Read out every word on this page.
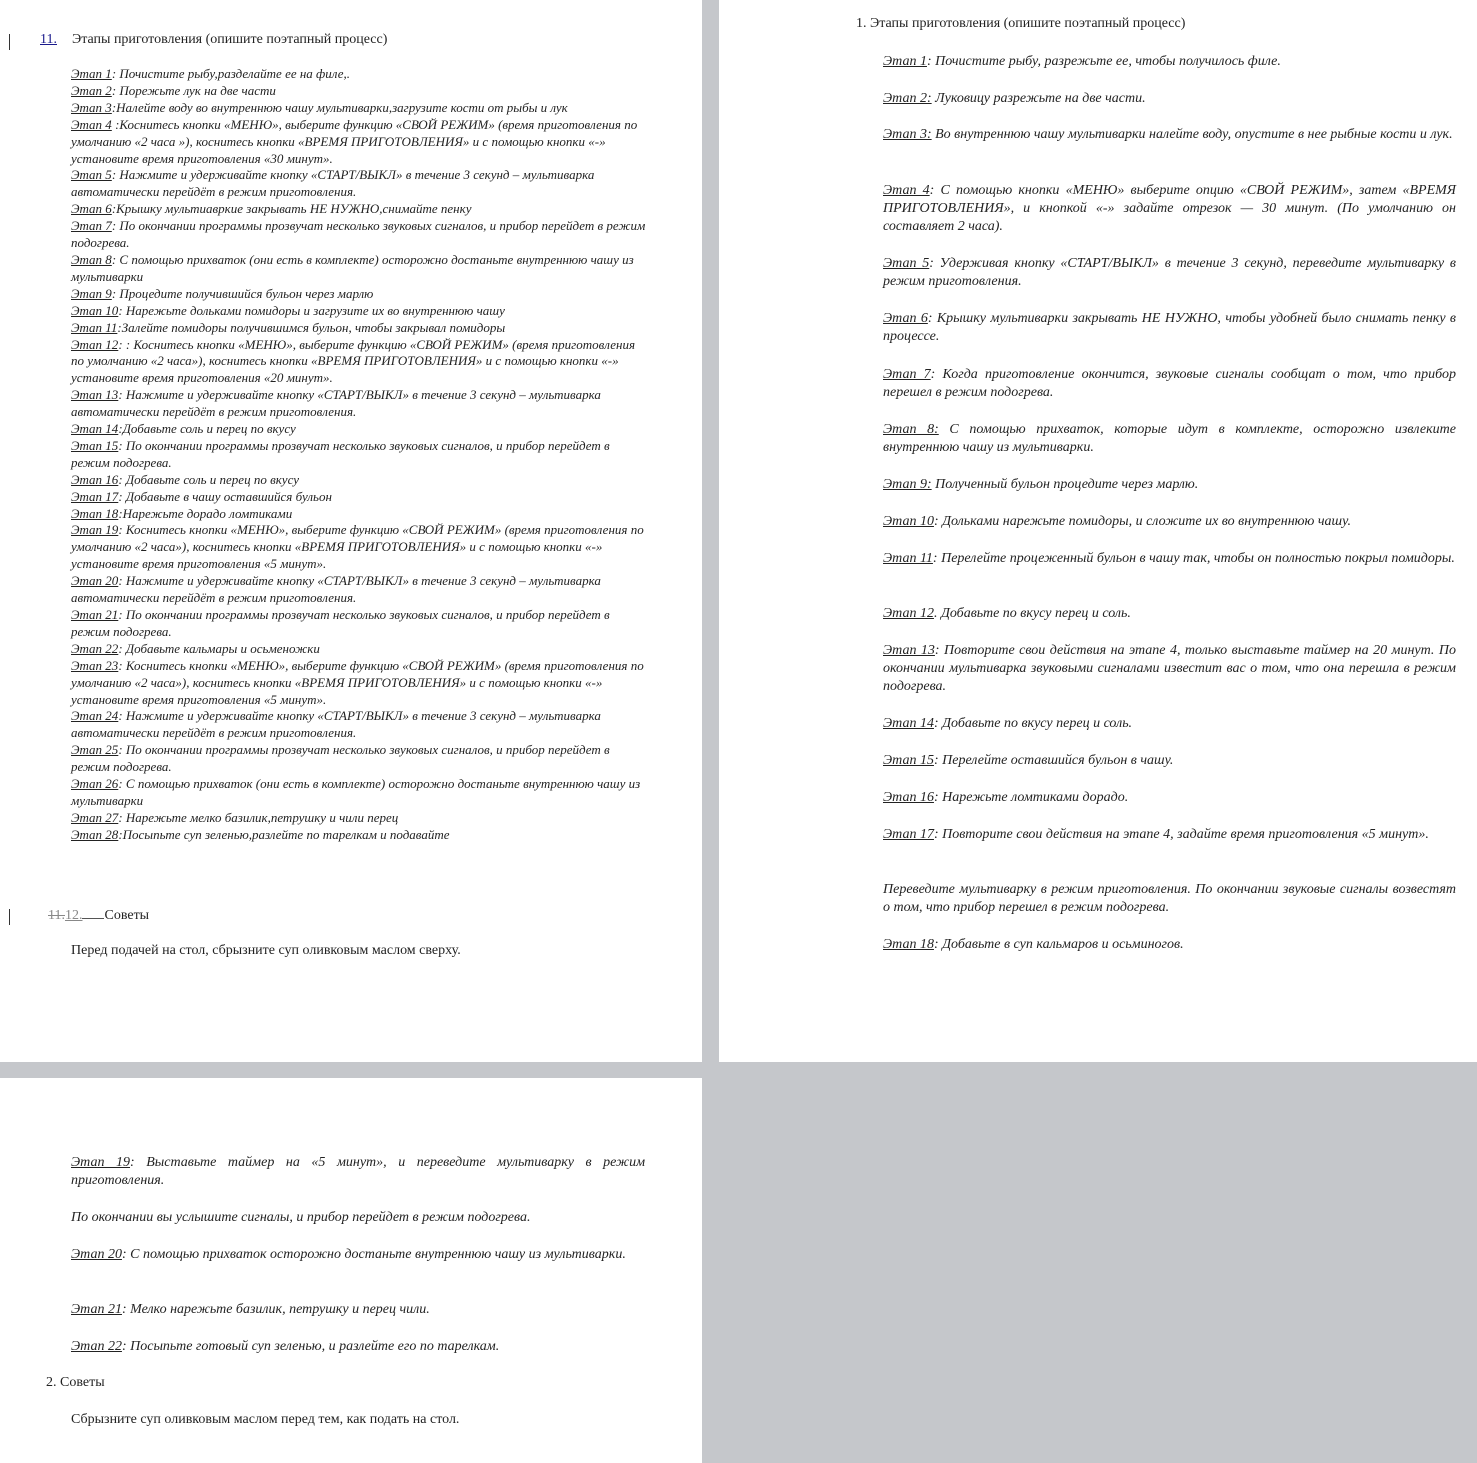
11. Этапы приготовления (опишите поэтапный процесс)

Этап 1: Почистите рыбу,разделайте ее на филе,.

Этап 2: Порежьте лук на две части

Этап 3:Налейте воду во внутреннюю чашу мультиварки,загрузите кости от рыбы и лук

Этап 4 :Коснитесь кнопки «МЕНЮ», выберите функцию «СВОЙ РЕЖИМ» (время приготовления по умолчанию «2 часа »), коснитесь кнопки «ВРЕМЯ ПРИГОТОВЛЕНИЯ» и с помощью кнопки «-» установите время приготовления «30 минут».

Этап 5: Нажмите и удерживайте кнопку «СТАРТ/ВЫКЛ» в течение 3 секунд – мультиварка автоматически перейдёт в режим приготовления.

Этап 6:Крышку мультиавркиe закрывать НЕ НУЖНО,снимайте пенку

Этап 7: По окончании программы прозвучат несколько звуковых сигналов, и прибор перейдет в режим подогрева.

Этап 8: С помощью прихваток (они есть в комплекте) осторожно достаньте внутреннюю чашу из мультиварки

Этап 9: Процедите получившийся бульон через марлю

Этап 10: Нарежьте дольками помидоры и загрузите их во внутреннюю чашу

Этап 11:Залейте помидоры получившимся бульон, чтобы закрывал помидоры

Этап 12: : Коснитесь кнопки «МЕНЮ», выберите функцию «СВОЙ РЕЖИМ» (время приготовления по умолчанию «2 часа»), коснитесь кнопки «ВРЕМЯ ПРИГОТОВЛЕНИЯ» и с помощью кнопки «-» установите время приготовления «20 минут».

Этап 13: Нажмите и удерживайте кнопку «СТАРТ/ВЫКЛ» в течение 3 секунд – мультиварка автоматически перейдёт в режим приготовления.

Этап 14:Добавьте соль и перец по вкусу

Этап 15: По окончании программы прозвучат несколько звуковых сигналов, и прибор перейдет в режим подогрева.

Этап 16: Добавьте соль и перец по вкусу

Этап 17: Добавьте в чашу оставшийся бульон

Этап 18:Нарежьте дорадо ломтиками

Этап 19: Коснитесь кнопки «МЕНЮ», выберите функцию «СВОЙ РЕЖИМ» (время приготовления по умолчанию «2 часа»), коснитесь кнопки «ВРЕМЯ ПРИГОТОВЛЕНИЯ» и с помощью кнопки «-» установите время приготовления «5 минут».

Этап 20: Нажмите и удерживайте кнопку «СТАРТ/ВЫКЛ» в течение 3 секунд – мультиварка автоматически перейдёт в режим приготовления.

Этап 21: По окончании программы прозвучат несколько звуковых сигналов, и прибор перейдет в режим подогрева.

Этап 22: Добавьте кальмары и осьменожки

Этап 23: Коснитесь кнопки «МЕНЮ», выберите функцию «СВОЙ РЕЖИМ» (время приготовления по умолчанию «2 часа»), коснитесь кнопки «ВРЕМЯ ПРИГОТОВЛЕНИЯ» и с помощью кнопки «-» установите время приготовления «5 минут».

Этап 24: Нажмите и удерживайте кнопку «СТАРТ/ВЫКЛ» в течение 3 секунд – мультиварка автоматически перейдёт в режим приготовления.

Этап 25: По окончании программы прозвучат несколько звуковых сигналов, и прибор перейдет в режим подогрева.

Этап 26: С помощью прихваток (они есть в комплекте) осторожно достаньте внутреннюю чашу из мультиварки

Этап 27: Нарежьте мелко базилик,петрушку и чили перец

Этап 28:Посыпьте суп зеленью,разлейте по тарелкам и подавайте

11.12. Советы
Перед подачей на стол, сбрызните суп оливковым маслом сверху.
1. Этапы приготовления (опишите поэтапный процесс)

Этап 1: Почистите рыбу, разрежьте ее, чтобы получилось филе.

Этап 2: Луковицу разрежьте на две части.

Этап 3: Во внутреннюю чашу мультиварки налейте воду, опустите в нее рыбные кости и лук.

Этап 4: С помощью кнопки «МЕНЮ» выберите опцию «СВОЙ РЕЖИМ», затем «ВРЕМЯ ПРИГОТОВЛЕНИЯ», и кнопкой «-» задайте отрезок — 30 минут. (По умолчанию он составляет 2 часа).

Этап 5: Удерживая кнопку «СТАРТ/ВЫКЛ» в течение 3 секунд, переведите мультиварку в режим приготовления.

Этап 6: Крышку мультиварки закрывать НЕ НУЖНО, чтобы удобней было снимать пенку в процессе.

Этап 7: Когда приготовление окончится, звуковые сигналы сообщат о том, что прибор перешел в режим подогрева.

Этап 8: С помощью прихваток, которые идут в комплекте, осторожно извлеките внутреннюю чашу из мультиварки.

Этап 9: Полученный бульон процедите через марлю.

Этап 10: Дольками нарежьте помидоры, и сложите их во внутреннюю чашу.

Этап 11: Перелейте процеженный бульон в чашу так, чтобы он полностью покрыл помидоры.

Этап 12. Добавьте по вкусу перец и соль.

Этап 13: Повторите свои действия на этапе 4, только выставьте таймер на 20 минут. По окончании мультиварка звуковыми сигналами известит вас о том, что она перешла в режим подогрева.

Этап 14: Добавьте по вкусу перец и соль.

Этап 15: Перелейте оставшийся бульон в чашу.

Этап 16: Нарежьте ломтиками дорадо.

Этап 17: Повторите свои действия на этапе 4, задайте время приготовления «5 минут».

Переведите мультиварку в режим приготовления. По окончании звуковые сигналы возвестят о том, что прибор перешел в режим подогрева.

Этап 18: Добавьте в суп кальмаров и осьминогов.

Этап 19: Выставьте таймер на «5 минут», и переведите мультиварку в режим приготовления.

По окончании вы услышите сигналы, и прибор перейдет в режим подогрева.

Этап 20: С помощью прихваток осторожно достаньте внутреннюю чашу из мультиварки.

Этап 21: Мелко нарежьте базилик, петрушку и перец чили.

Этап 22: Посыпьте готовый суп зеленью, и разлейте его по тарелкам.

2. Советы
Сбрызните суп оливковым маслом перед тем, как подать на стол.
